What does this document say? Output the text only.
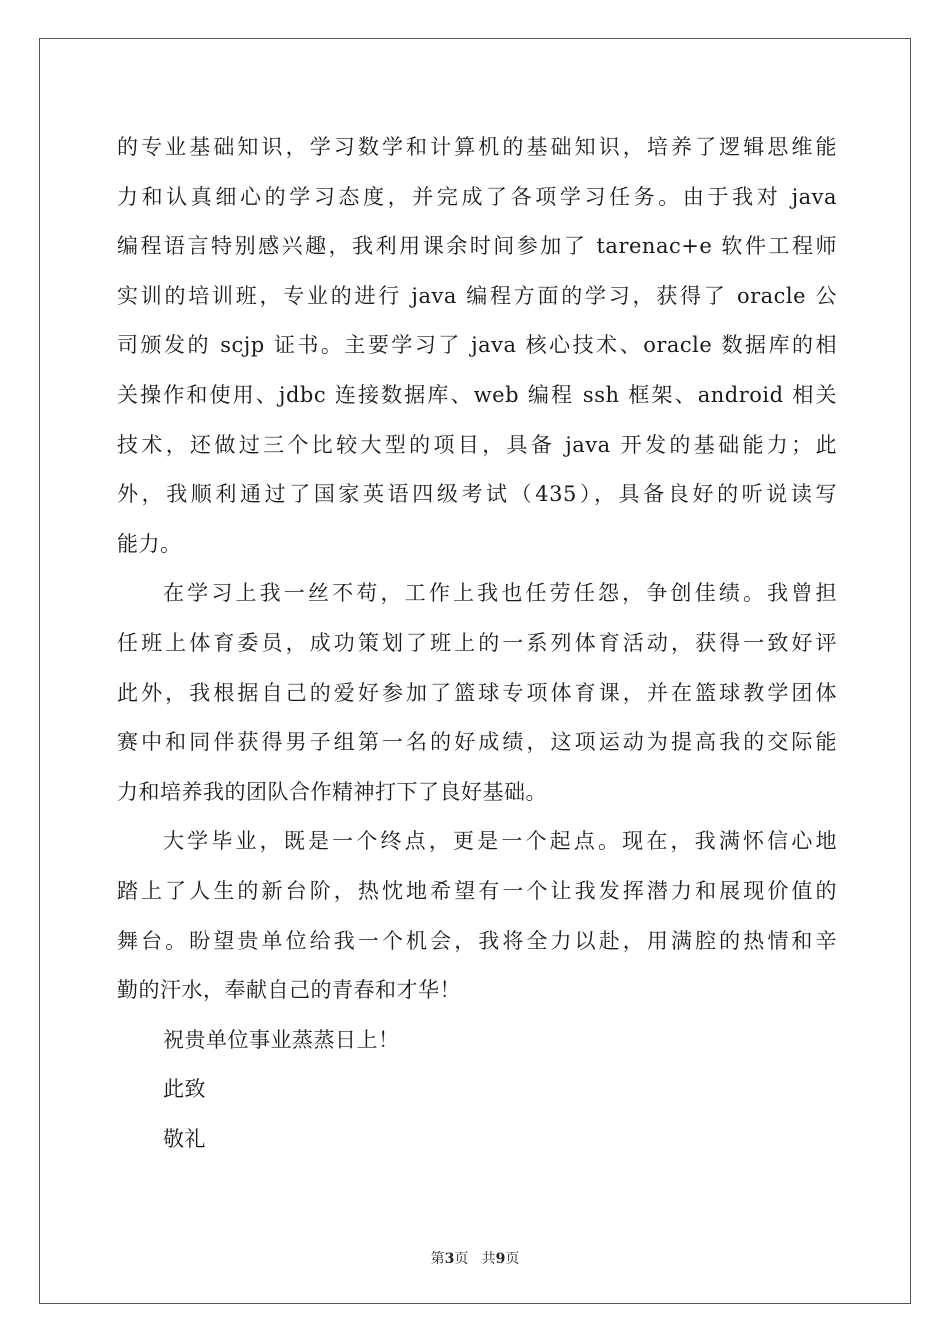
的专业基础知识，学习数学和计算机的基础知识，培养了逻辑思维能
力和认真细心的学习态度，并完成了各项学习任务。由于我对 java
编程语言特别感兴趣，我利用课余时间参加了 tarenac+e 软件工程师
实训的培训班，专业的进行 java 编程方面的学习，获得了 oracle 公
司颁发的 scjp 证书。主要学习了 java 核心技术、oracle 数据库的相
关操作和使用、jdbc 连接数据库、web 编程 ssh 框架、android 相关
技术，还做过三个比较大型的项目，具备 java 开发的基础能力；此
外，我顺利通过了国家英语四级考试（435），具备良好的听说读写
能力。
在学习上我一丝不苟，工作上我也任劳任怨，争创佳绩。我曾担
任班上体育委员，成功策划了班上的一系列体育活动，获得一致好评
此外，我根据自己的爱好参加了篮球专项体育课，并在篮球教学团体
赛中和同伴获得男子组第一名的好成绩，这项运动为提高我的交际能
力和培养我的团队合作精神打下了良好基础。
大学毕业，既是一个终点，更是一个起点。现在，我满怀信心地
踏上了人生的新台阶，热忱地希望有一个让我发挥潜力和展现价值的
舞台。盼望贵单位给我一个机会，我将全力以赴，用满腔的热情和辛
勤的汗水，奉献自己的青春和才华！
祝贵单位事业蒸蒸日上！
此致
敬礼
第3页 共9页
